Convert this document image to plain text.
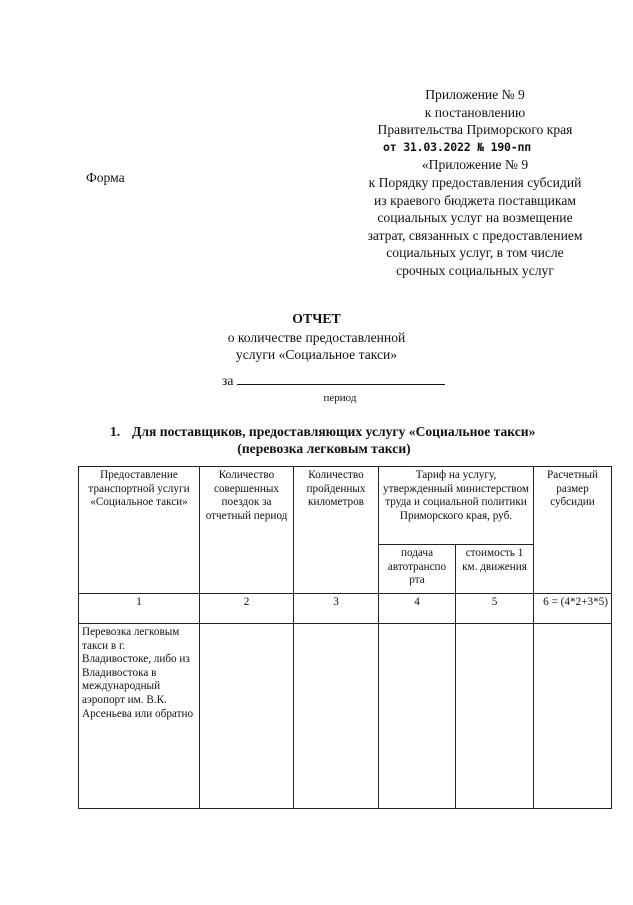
Приложение № 9
к постановлению
Правительства Приморского края
от 31.03.2022 № 190-пп
«Приложение № 9
к Порядку предоставления субсидий
из краевого бюджета поставщикам
социальных услуг на возмещение
затрат, связанных с предоставлением
социальных услуг, в том числе
срочных социальных услуг
Форма
ОТЧЕТ
о количестве предоставленной
услуги «Социальное такси»
за
период
1. Для поставщиков, предоставляющих услугу «Социальное такси»
(перевозка легковым такси)
Предоставление транспортной услуги «Социальное такси»	Количество совершенных поездок за отчетный период	Количество пройденных километров	Тариф на услугу, утвержденный министерством труда и социальной политики Приморского края, руб.		Расчетный размер субсидии
			подача автотранспо рта	стоимость 1 км. движения	
1	2	3	4	5	6 = (4*2+3*5)
Перевозка легковым такси в г. Владивостоке, либо из Владивостока в международный аэропорт им. В.К. Арсеньева или обратно					
